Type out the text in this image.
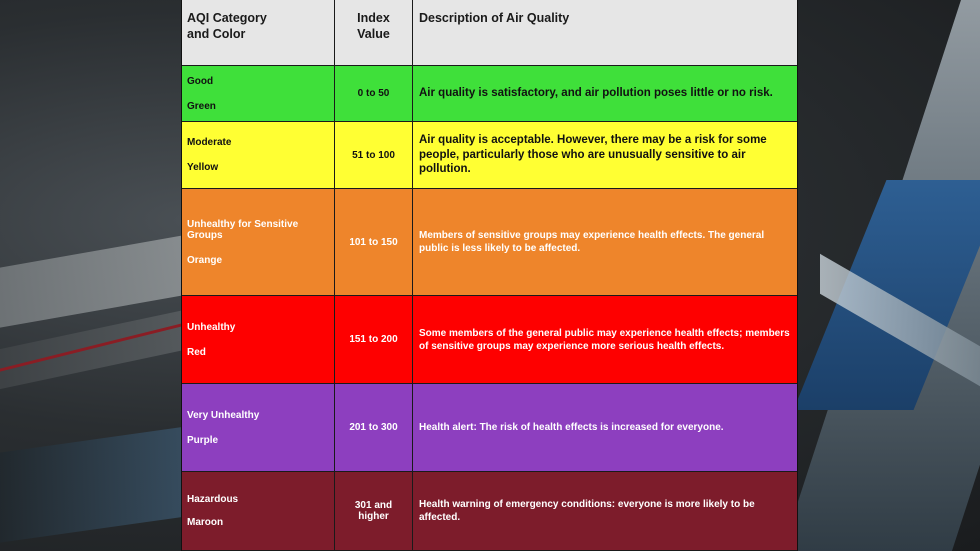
AQI Category
and Color
Index
Value
Description of Air Quality
Good
Green
0 to 50	Air quality is satisfactory, and air pollution poses little or no risk.
Moderate
Yellow
51 to 100
Air quality is acceptable. However, there may be a risk for some people, particularly those who are unusually sensitive to air pollution.
Unhealthy for Sensitive Groups
Orange
101 to 150
Members of sensitive groups may experience health effects. The general public is less likely to be affected.
Unhealthy
Red
151 to 200
Some members of the general public may experience health effects; members of sensitive groups may experience more serious health effects.
Very Unhealthy
Purple
201 to 300	Health alert: The risk of health effects is increased for everyone.
Hazardous
Maroon
301 and higher
Health warning of emergency conditions: everyone is more likely to be affected.
